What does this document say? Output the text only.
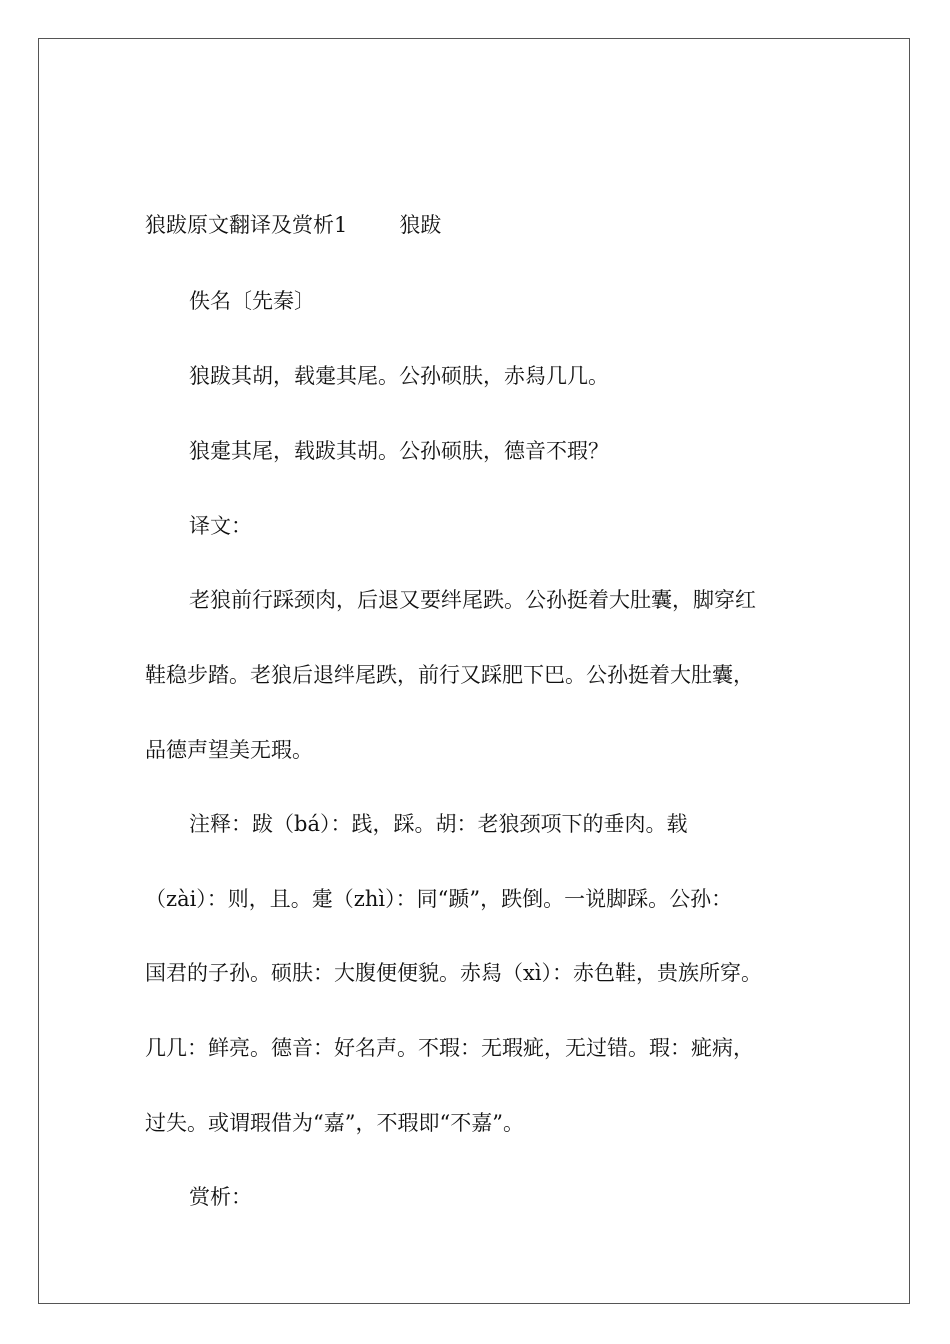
狼跋原文翻译及赏析1 狼跋
佚名〔先秦〕
狼跋其胡，载疐其尾。公孙硕肤，赤舄几几。
狼疐其尾，载跋其胡。公孙硕肤，德音不瑕？
译文：
老狼前行踩颈肉，后退又要绊尾跌。公孙挺着大肚囊，脚穿红
鞋稳步踏。老狼后退绊尾跌，前行又踩肥下巴。公孙挺着大肚囊，
品德声望美无瑕。
注释：跋（bá）：践，踩。胡：老狼颈项下的垂肉。载
（zài）：则，且。疐（zhì）：同“踬”，跌倒。一说脚踩。公孙：
国君的子孙。硕肤：大腹便便貌。赤舄（xì）：赤色鞋，贵族所穿。
几几：鲜亮。德音：好名声。不瑕：无瑕疵，无过错。瑕：疵病，
过失。或谓瑕借为“嘉”，不瑕即“不嘉”。
赏析：
